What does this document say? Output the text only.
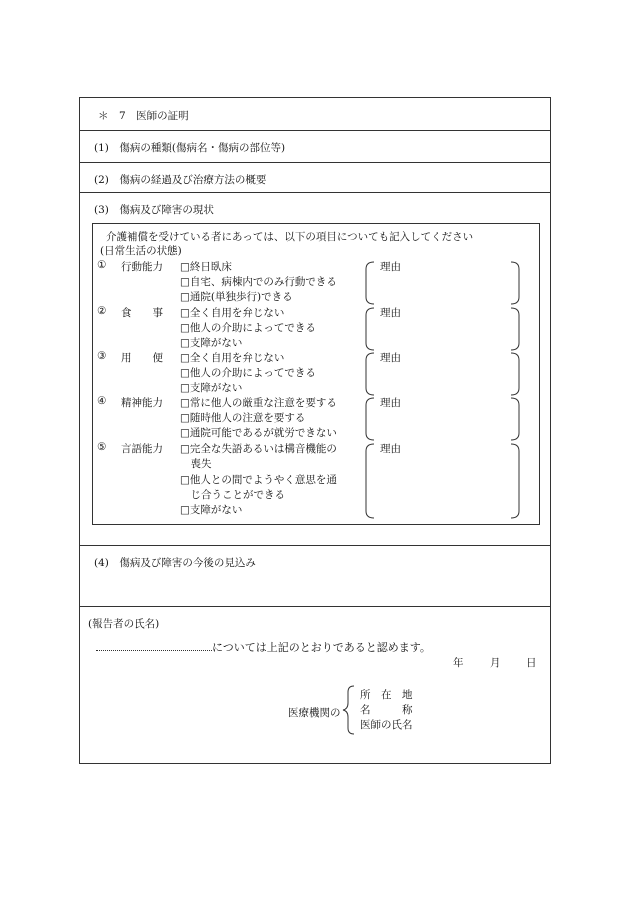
＊　7　医師の証明
(1)　傷病の種類(傷病名・傷病の部位等)
(2)　傷病の経過及び治療方法の概要
(3)　傷病及び障害の現状
介護補償を受けている者にあっては、以下の項目についても記入してください
(日常生活の状態)
① 行動能力 □終日臥床
□自宅、病棟内でのみ行動できる
□通院(単独歩行)できる
理由
② 食　　事 □全く自用を弁じない
□他人の介助によってできる
□支障がない
理由
③ 用　　便 □全く自用を弁じない
□他人の介助によってできる
□支障がない
理由
④ 精神能力 □常に他人の厳重な注意を要する
□随時他人の注意を要する
□通院可能であるが就労できない
理由
⑤ 言語能力 □完全な失語あるいは構音機能の
　喪失
□他人との間でようやく意思を通
　じ合うことができる
□支障がない
理由
(4)　傷病及び障害の今後の見込み
(報告者の氏名)
については上記のとおりであると認めます。
年	月 日
医療機関の
所　在　地
名　　　称
医師の氏名
